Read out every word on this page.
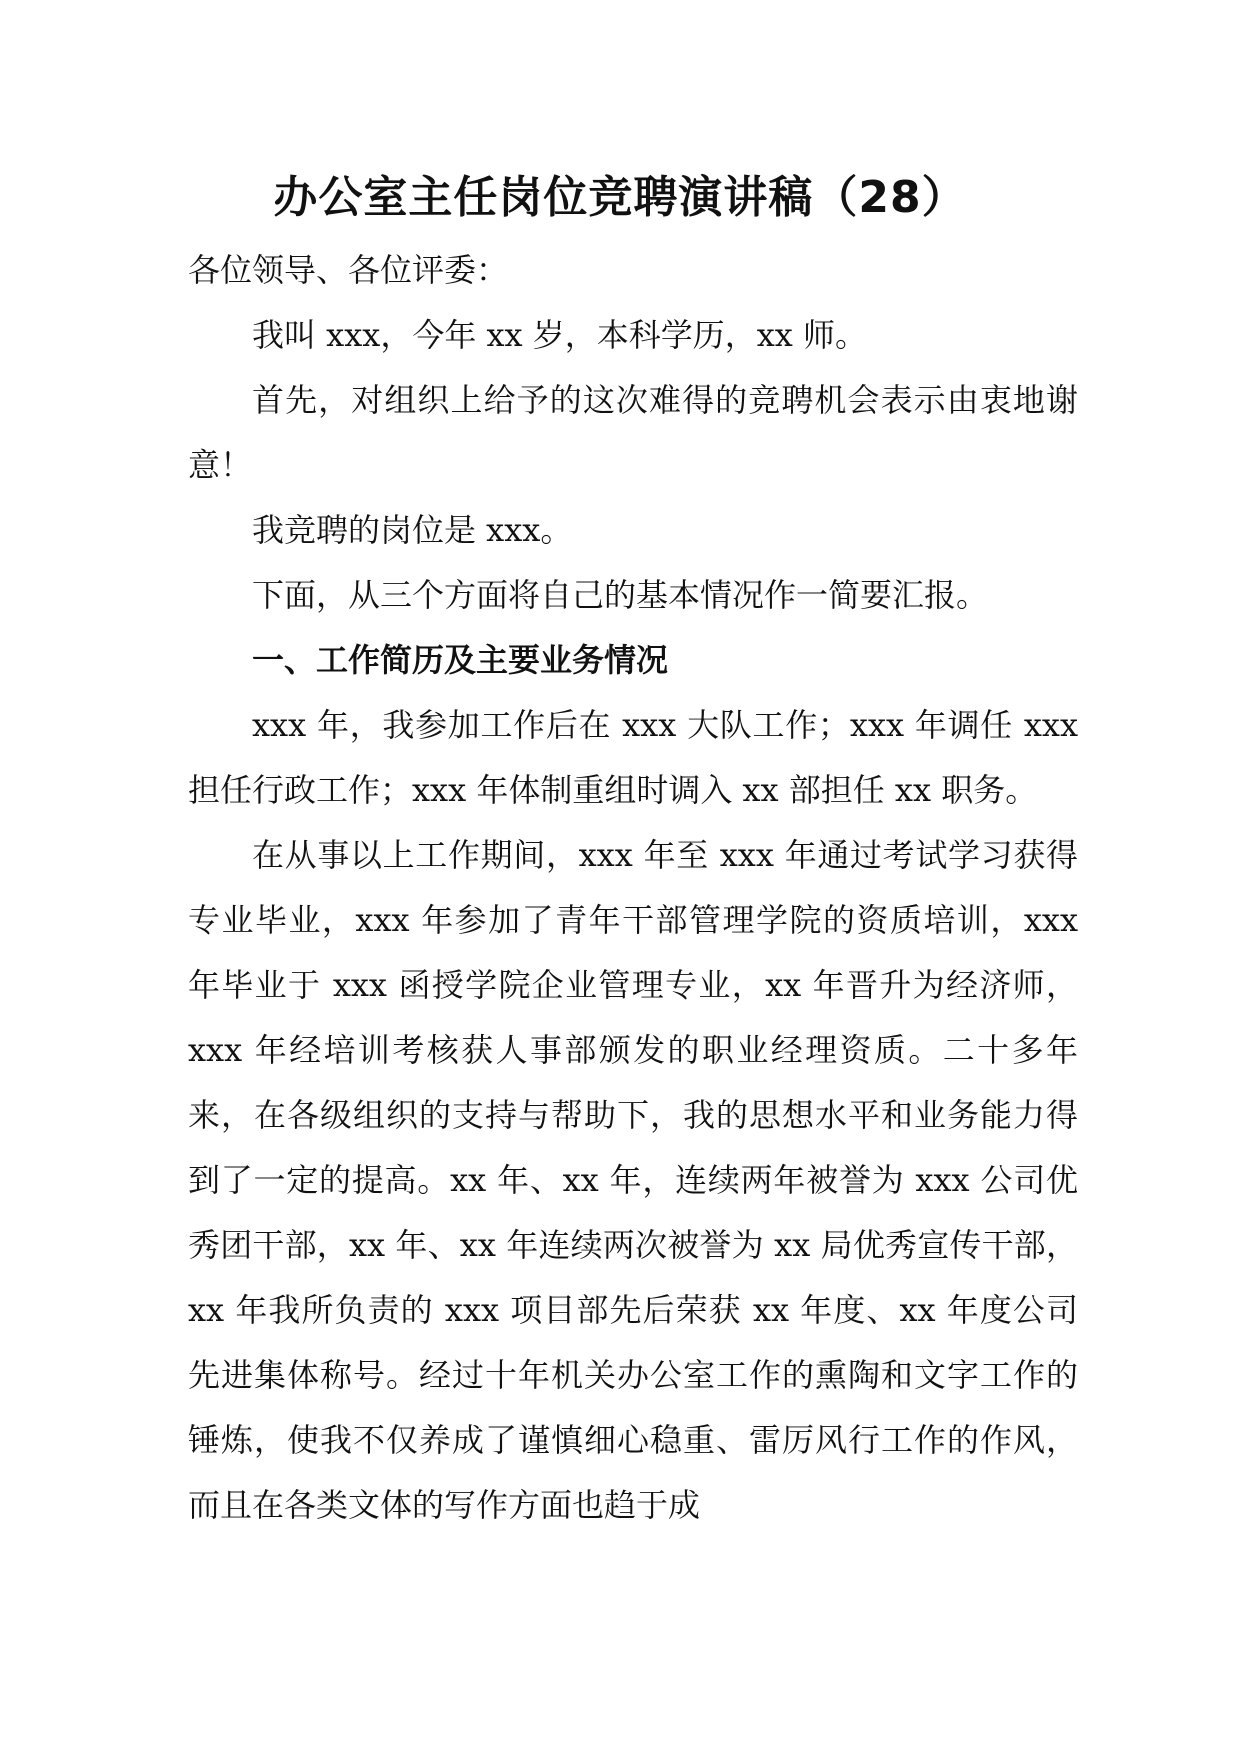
办公室主任岗位竞聘演讲稿（28）

各位领导、各位评委：

我叫 xxx，今年 xx 岁，本科学历，xx 师。

首先，对组织上给予的这次难得的竞聘机会表示由衷地谢意！

我竞聘的岗位是 xxx。

下面，从三个方面将自己的基本情况作一简要汇报。

一、工作简历及主要业务情况

xxx 年，我参加工作后在 xxx 大队工作；xxx 年调任 xxx 担任行政工作；xxx 年体制重组时调入 xx 部担任 xx 职务。

在从事以上工作期间，xxx 年至 xxx 年通过考试学习获得专业毕业，xxx 年参加了青年干部管理学院的资质培训，xxx 年毕业于 xxx 函授学院企业管理专业，xx 年晋升为经济师，xxx 年经培训考核获人事部颁发的职业经理资质。二十多年来，在各级组织的支持与帮助下，我的思想水平和业务能力得到了一定的提高。xx 年、xx 年，连续两年被誉为 xxx 公司优秀团干部，xx 年、xx 年连续两次被誉为 xx 局优秀宣传干部，xx 年我所负责的 xxx 项目部先后荣获 xx 年度、xx 年度公司先进集体称号。经过十年机关办公室工作的熏陶和文字工作的锤炼，使我不仅养成了谨慎细心稳重、雷厉风行工作的作风，而且在各类文体的写作方面也趋于成
